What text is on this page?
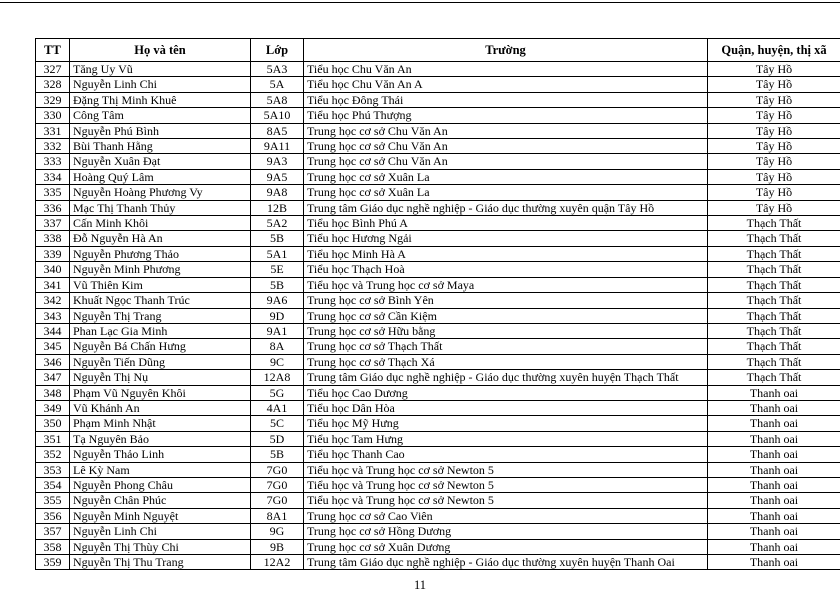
TT	Họ và tên	Lớp	Trường	Quận, huyện, thị xã
327	Tăng Uy Vũ	5A3	Tiểu học Chu Văn An	Tây Hồ
328	Nguyễn Linh Chi	5A	Tiểu học Chu Văn An A	Tây Hồ
329	Đặng Thị Minh Khuê	5A8	Tiểu học Đông Thái	Tây Hồ
330	Công Tâm	5A10	Tiểu học Phú Thượng	Tây Hồ
331	Nguyễn Phú Bình	8A5	Trung học cơ sở Chu Văn An	Tây Hồ
332	Bùi Thanh Hằng	9A11	Trung học cơ sở Chu Văn An	Tây Hồ
333	Nguyễn Xuân Đạt	9A3	Trung học cơ sở Chu Văn An	Tây Hồ
334	Hoàng Quý Lâm	9A5	Trung học cơ sở Xuân La	Tây Hồ
335	Nguyễn Hoàng Phương Vy	9A8	Trung học cơ sở Xuân La	Tây Hồ
336	Mạc Thị Thanh Thủy	12B	Trung tâm Giáo dục nghề nghiệp - Giáo dục thường xuyên quận Tây Hồ	Tây Hồ
337	Cấn Minh Khôi	5A2	Tiểu học Bình Phú A	Thạch Thất
338	Đỗ Nguyễn Hà An	5B	Tiểu học Hương Ngải	Thạch Thất
339	Nguyễn Phương Thảo	5A1	Tiểu học Minh Hà A	Thạch Thất
340	Nguyễn Minh Phương	5E	Tiểu học Thạch Hoà	Thạch Thất
341	Vũ Thiên Kim	5B	Tiểu học và Trung học cơ sở Maya	Thạch Thất
342	Khuất Ngọc Thanh Trúc	9A6	Trung học cơ sở Bình Yên	Thạch Thất
343	Nguyễn Thị Trang	9D	Trung học cơ sở Cần Kiệm	Thạch Thất
344	Phan Lạc Gia Minh	9A1	Trung học cơ sở Hữu bằng	Thạch Thất
345	Nguyễn Bá Chấn Hưng	8A	Trung học cơ sở Thạch Thất	Thạch Thất
346	Nguyễn Tiến Dũng	9C	Trung học cơ sở Thạch Xá	Thạch Thất
347	Nguyễn Thị Nụ	12A8	Trung tâm Giáo dục nghề nghiệp - Giáo dục thường xuyên huyện Thạch Thất	Thạch Thất
348	Phạm Vũ Nguyên Khôi	5G	Tiểu học Cao Dương	Thanh oai
349	Vũ Khánh An	4A1	Tiểu học Dân Hòa	Thanh oai
350	Phạm Minh Nhật	5C	Tiểu học Mỹ Hưng	Thanh oai
351	Tạ Nguyên Bảo	5D	Tiểu học Tam Hưng	Thanh oai
352	Nguyễn Thảo Linh	5B	Tiểu học Thanh Cao	Thanh oai
353	Lê Kỳ Nam	7G0	Tiểu học và Trung học cơ sở Newton 5	Thanh oai
354	Nguyễn Phong Châu	7G0	Tiểu học và Trung học cơ sở Newton 5	Thanh oai
355	Nguyễn Chân Phúc	7G0	Tiểu học và Trung học cơ sở Newton 5	Thanh oai
356	Nguyễn Minh Nguyệt	8A1	Trung học cơ sở Cao Viên	Thanh oai
357	Nguyễn Linh Chi	9G	Trung học cơ sở Hồng Dương	Thanh oai
358	Nguyễn Thị Thùy Chi	9B	Trung học cơ sở Xuân Dương	Thanh oai
359	Nguyễn Thị Thu Trang	12A2	Trung tâm Giáo dục nghề nghiệp - Giáo dục thường xuyên huyện Thanh Oai	Thanh oai
11
